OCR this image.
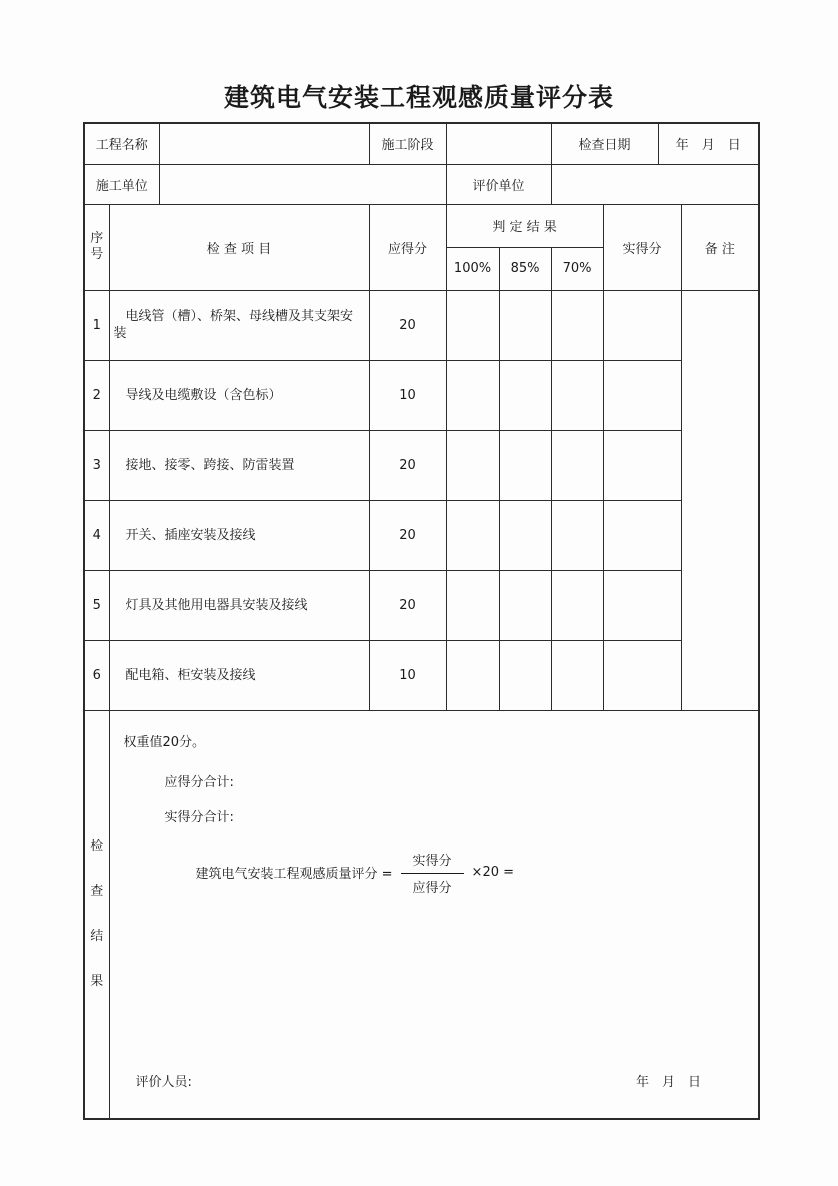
建筑电气安装工程观感质量评分表
工程名称			施工阶段			检查日期		年　月　日	
施工单位				评价单位					
序号	检 查 项 目		应得分	判 定 结 果			实得分		备 注
				100%	85%	70%			
1	电线管（槽）、桥架、母线槽及其支架安装		20						
2	导线及电缆敷设（含色标）		10						
3	接地、接零、跨接、防雷装置		20						
4	开关、插座安装及接线		20						
5	灯具及其他用电器具安装及接线		20						
6	配电箱、柜安装及接线		10						

检
查
结
果

权重值20分。
应得分合计:
实得分合计:
建筑电气安装工程观感质量评分 = $\frac{\text{实得分}}{\text{应得分}} \times 20$ =
评价人员:	年　月　日
